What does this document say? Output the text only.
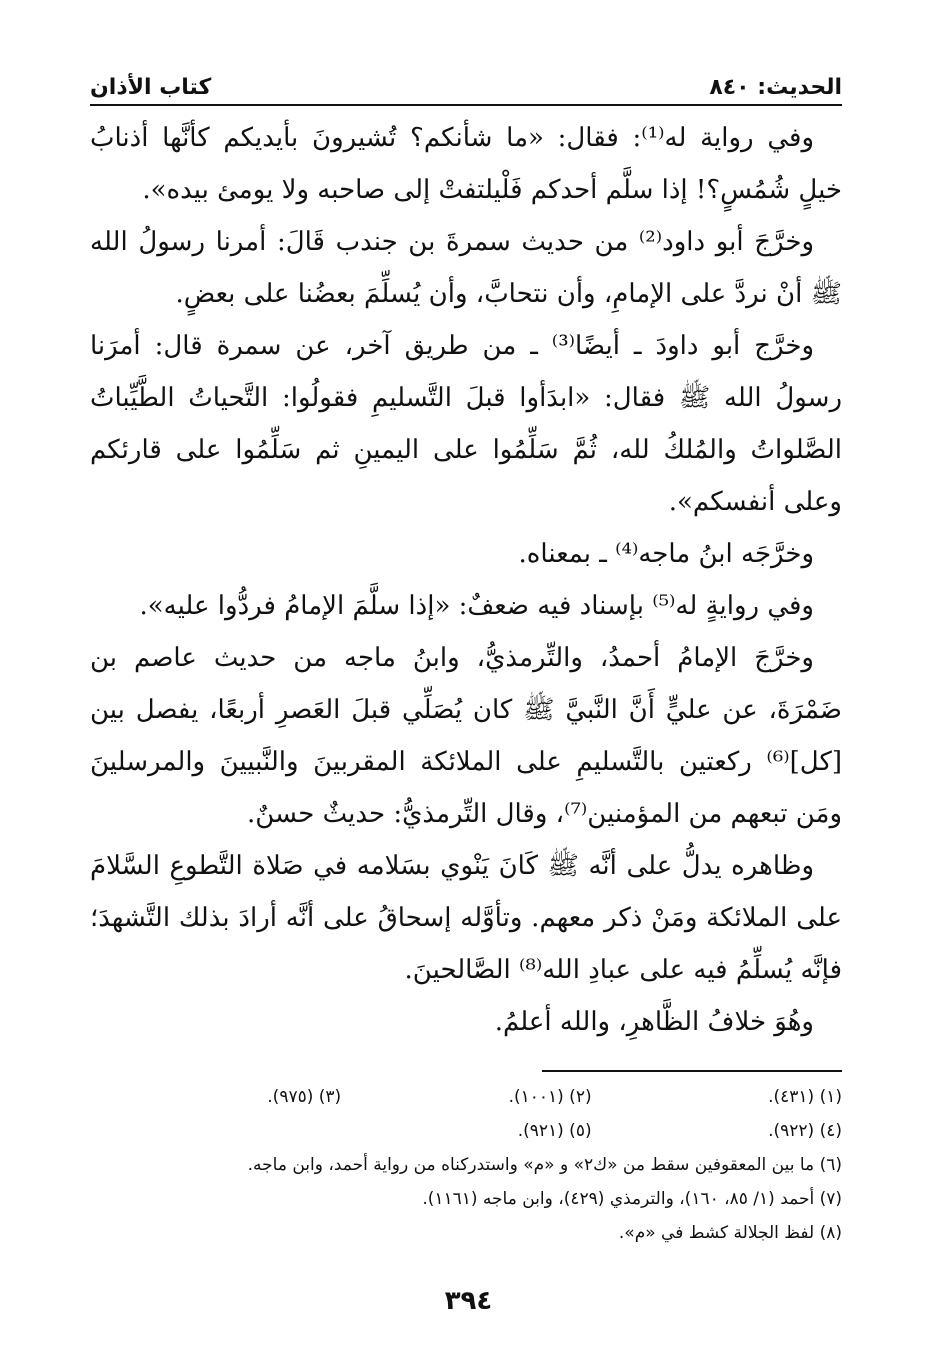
الحديث: ٨٤٠
كتاب الأذان

وفي رواية له⁽¹⁾: فقال: «ما شأنكم؟ تُشيرونَ بأيديكم كأنَّها أذنابُ خيلٍ شُمُسٍ؟! إذا سلَّم أحدكم فَلْيلتفتْ إلى صاحبه ولا يومئ بيده».

وخرَّجَ أبو داود⁽²⁾ من حديث سمرةَ بن جندب قَالَ: أمرنا رسولُ الله ﷺ أنْ نردَّ على الإمامِ، وأن نتحابَّ، وأن يُسلِّمَ بعضُنا على بعضٍ.

وخرَّج أبو داودَ ـ أيضًا⁽³⁾ ـ من طريق آخر، عن سمرة قال: أمرَنا رسولُ الله ﷺ فقال: «ابدَأوا قبلَ التَّسليمِ فقولُوا: التَّحياتُ الطَّيِّباتُ الصَّلواتُ والمُلكُ لله، ثُمَّ سَلِّمُوا على اليمينِ ثم سَلِّمُوا على قارئكم وعلى أنفسكم».

وخرَّجَه ابنُ ماجه⁽⁴⁾ ـ بمعناه.

وفي روايةٍ له⁽⁵⁾ بإسناد فيه ضعفٌ: «إذا سلَّمَ الإمامُ فردُّوا عليه».

وخرَّجَ الإمامُ أحمدُ، والتِّرمذيُّ، وابنُ ماجه من حديث عاصم بن ضَمْرَةَ، عن عليٍّ أَنَّ النَّبيَّ ﷺ كان يُصَلِّي قبلَ العَصرِ أربعًا، يفصل بين [كل]⁽⁶⁾ ركعتين بالتَّسليمِ على الملائكة المقربينَ والنَّبيينَ والمرسلينَ ومَن تبعهم من المؤمنين⁽⁷⁾، وقال التِّرمذيُّ: حديثٌ حسنٌ.

وظاهره يدلُّ على أنَّه ﷺ كَانَ يَنْوي بسَلامه في صَلاة التَّطوعِ السَّلامَ على الملائكة ومَنْ ذكر معهم. وتأوَّله إسحاقُ على أنَّه أرادَ بذلك التَّشهدَ؛ فإنَّه يُسلِّمُ فيه على عبادِ الله⁽⁸⁾ الصَّالحينَ.

وهُوَ خلافُ الظَّاهرِ، والله أعلمُ.

(١) (٤٣١).
(٢) (١٠٠١).
(٣) (٩٧٥).
(٤) (٩٢٢).
(٥) (٩٢١).

(٦) ما بين المعقوفين سقط من «ك٢» و «م» واستدركناه من رواية أحمد، وابن ماجه.

(٧) أحمد (١/ ٨٥، ١٦٠)، والترمذي (٤٢٩)، وابن ماجه (١١٦١).

(٨) لفظ الجلالة كشط في «م».

٣٩٤
